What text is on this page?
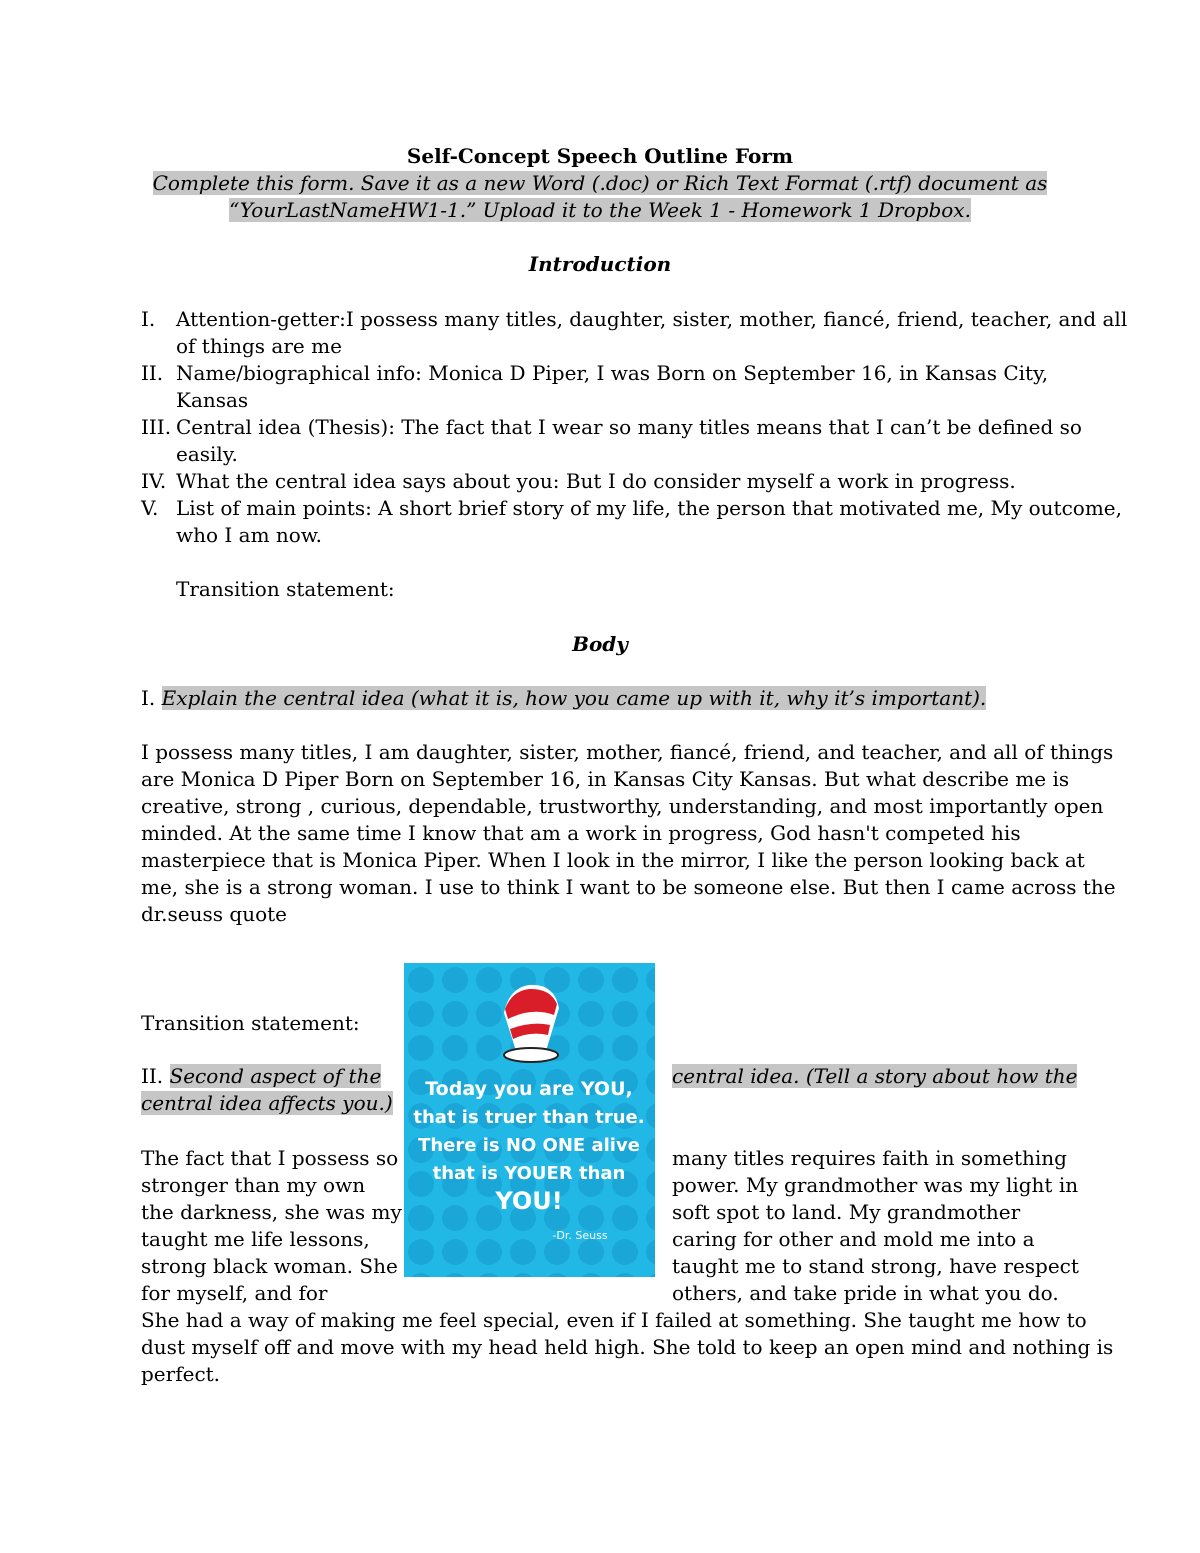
Self-Concept Speech Outline Form
Complete this form. Save it as a new Word (.doc) or Rich Text Format (.rtf) document as
“YourLastNameHW1-1.” Upload it to the Week 1 - Homework 1 Dropbox.
Introduction
I. Attention-getter:I possess many titles, daughter, sister, mother, fiancé, friend, teacher, and all
of things are me
II. Name/biographical info: Monica D Piper, I was Born on September 16, in Kansas City,
Kansas
III. Central idea (Thesis): The fact that I wear so many titles means that I can’t be defined so
easily.
IV. What the central idea says about you: But I do consider myself a work in progress.
V. List of main points: A short brief story of my life, the person that motivated me, My outcome,
who I am now.
Transition statement:
Body
I. Explain the central idea (what it is, how you came up with it, why it’s important).
I possess many titles, I am daughter, sister, mother, fiancé, friend, and teacher, and all of things
are Monica D Piper Born on September 16, in Kansas City Kansas. But what describe me is
creative, strong , curious, dependable, trustworthy, understanding, and most importantly open
minded. At the same time I know that am a work in progress, God hasn't competed his
masterpiece that is Monica Piper. When I look in the mirror, I like the person looking back at
me, she is a strong woman. I use to think I want to be someone else. But then I came across the
dr.seuss quote
Transition statement:
II. Second aspect of the	central idea. (Tell a story about how the
central idea affects you.)
The fact that I possess so
stronger than my own
the darkness, she was my
taught me life lessons,
strong black woman. She
for myself, and for
many titles requires faith in something
power. My grandmother was my light in
soft spot to land. My grandmother
caring for other and mold me into a
taught me to stand strong, have respect
others, and take pride in what you do.
She had a way of making me feel special, even if I failed at something. She taught me how to
dust myself off and move with my head held high. She told to keep an open mind and nothing is
perfect.
Today you are YOU,
that is truer than true.
There is NO ONE alive
that is YOUER than
YOU!
-Dr. Seuss
